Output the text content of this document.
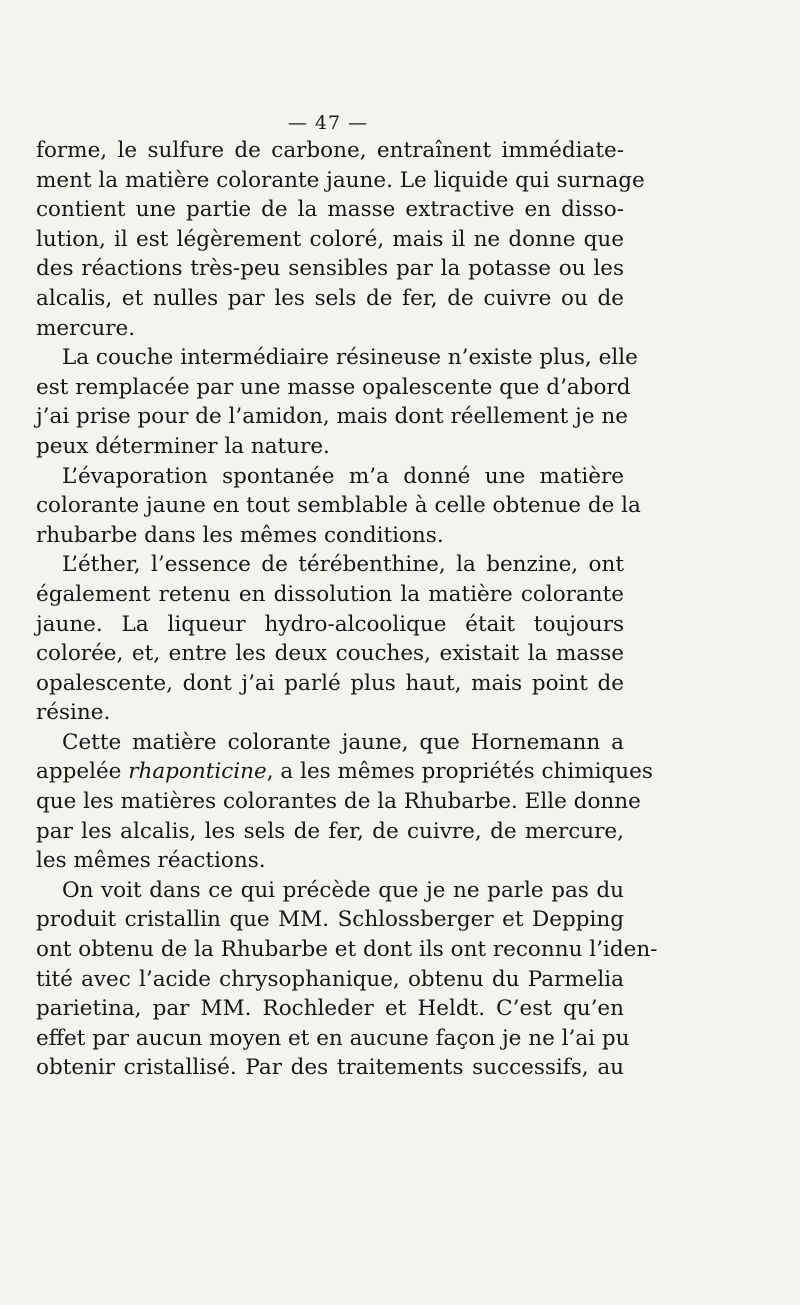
— 47 —
forme, le sulfure de carbone, entraînent immédiate-
ment la matière colorante jaune. Le liquide qui surnage
contient une partie de la masse extractive en disso-
lution, il est légèrement coloré, mais il ne donne que
des réactions très-peu sensibles par la potasse ou les
alcalis, et nulles par les sels de fer, de cuivre ou de
mercure.
La couche intermédiaire résineuse n’existe plus, elle
est remplacée par une masse opalescente que d’abord
j’ai prise pour de l’amidon, mais dont réellement je ne
peux déterminer la nature.
L’évaporation spontanée m’a donné une matière
colorante jaune en tout semblable à celle obtenue de la
rhubarbe dans les mêmes conditions.
L’éther, l’essence de térébenthine, la benzine, ont
également retenu en dissolution la matière colorante
jaune. La liqueur hydro-alcoolique était toujours
colorée, et, entre les deux couches, existait la masse
opalescente, dont j’ai parlé plus haut, mais point de
résine.
Cette matière colorante jaune, que Hornemann a
appelée rhaponticine, a les mêmes propriétés chimiques
que les matières colorantes de la Rhubarbe. Elle donne
par les alcalis, les sels de fer, de cuivre, de mercure,
les mêmes réactions.
On voit dans ce qui précède que je ne parle pas du
produit cristallin que MM. Schlossberger et Depping
ont obtenu de la Rhubarbe et dont ils ont reconnu l’iden-
tité avec l’acide chrysophanique, obtenu du Parmelia
parietina, par MM. Rochleder et Heldt. C’est qu’en
effet par aucun moyen et en aucune façon je ne l’ai pu
obtenir cristallisé. Par des traitements successifs, au
